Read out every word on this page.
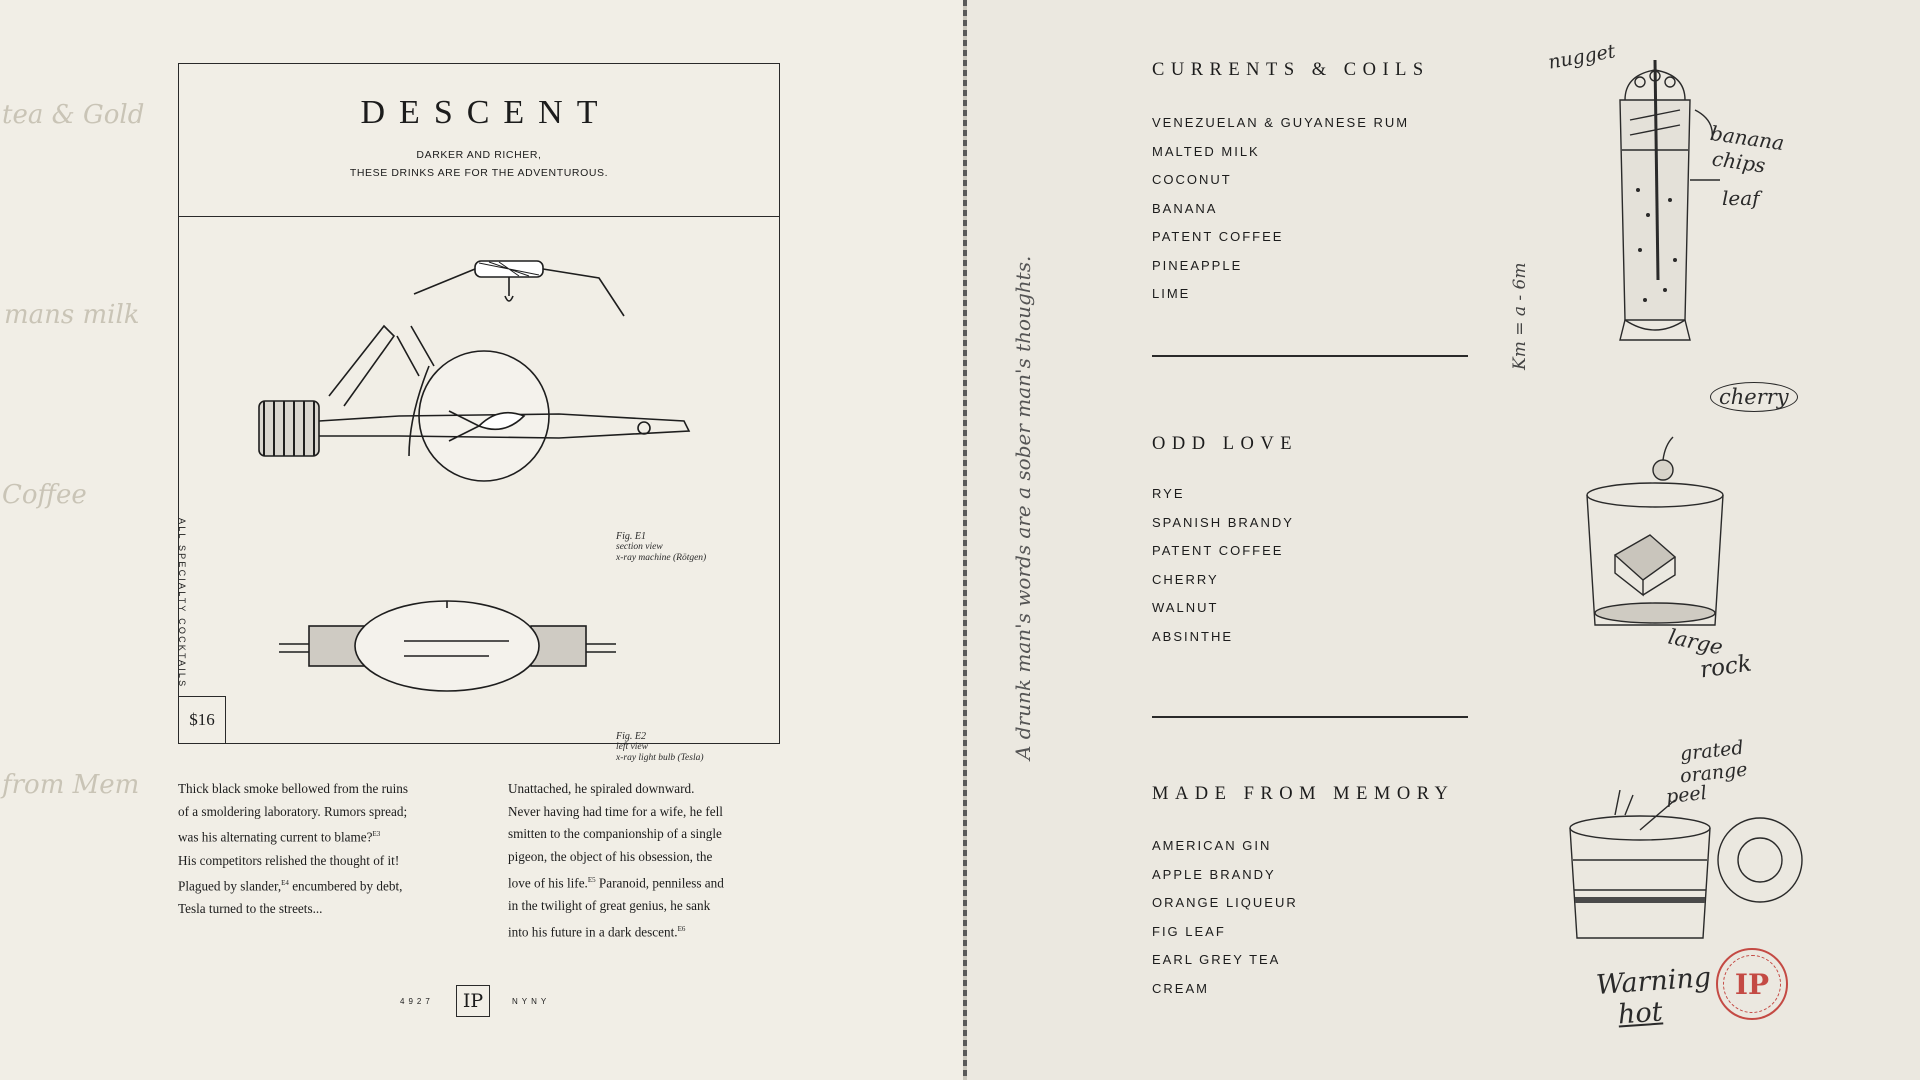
tea & Gold
mans milk
Coffee
from Mem
DESCENT
DARKER AND RICHER,
THESE DRINKS ARE FOR THE ADVENTUROUS.
Fig. E1
section view
x-ray machine (Rötgen)
Fig. E2
left view
x-ray light bulb (Tesla)
ALL SPECIALTY COCKTAILS
$16
Thick black smoke bellowed from the ruins
of a smoldering laboratory. Rumors spread;
was his alternating current to blame?$^{E3}$
His competitors relished the thought of it!
Plagued by slander,$^{E4}$ encumbered by debt,
Tesla turned to the streets...
Unattached, he spiraled downward.
Never having had time for a wife, he fell
smitten to the companionship of a single
pigeon, the object of his obsession, the
love of his life.$^{E5}$ Paranoid, penniless and
in the twilight of great genius, he sank
into his future in a dark descent.$^{E6}$
4927	IP	NYNY
A drunk man's words are a sober man's thoughts.
CURRENTS & COILS
VENEZUELAN & GUYANESE RUM
MALTED MILK
COCONUT
BANANA
PATENT COFFEE
PINEAPPLE
LIME
ODD LOVE
RYE
SPANISH BRANDY
PATENT COFFEE
CHERRY
WALNUT
ABSINTHE
MADE FROM MEMORY
AMERICAN GIN
APPLE BRANDY
ORANGE LIQUEUR
FIG LEAF
EARL GREY TEA
CREAM
nugget
banana
chips
leaf
Km = a - 6m
cherry
large
rock
grated
orange
peel
Warning
hot
IP
